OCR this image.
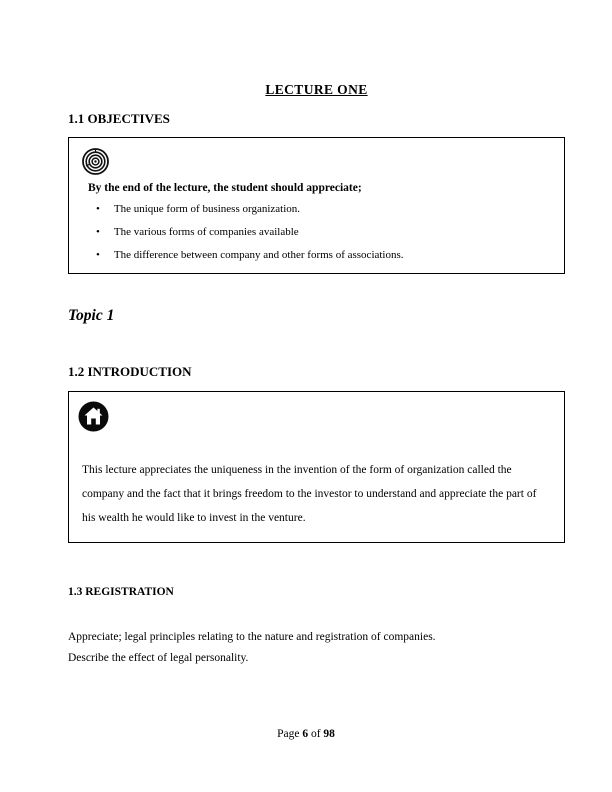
LECTURE ONE
1.1 OBJECTIVES
By the end of the lecture, the student should appreciate;
• The unique form of business organization.
• The various forms of companies available
• The difference between company and other forms of associations.
Topic 1
1.2 INTRODUCTION
This lecture appreciates the uniqueness in the invention of the form of organization called the company and the fact that it brings freedom to the investor to understand and appreciate the part of his wealth he would like to invest in the venture.
1.3 REGISTRATION
Appreciate; legal principles relating to the nature and registration of companies.
Describe the effect of legal personality.
Page 6 of 98
